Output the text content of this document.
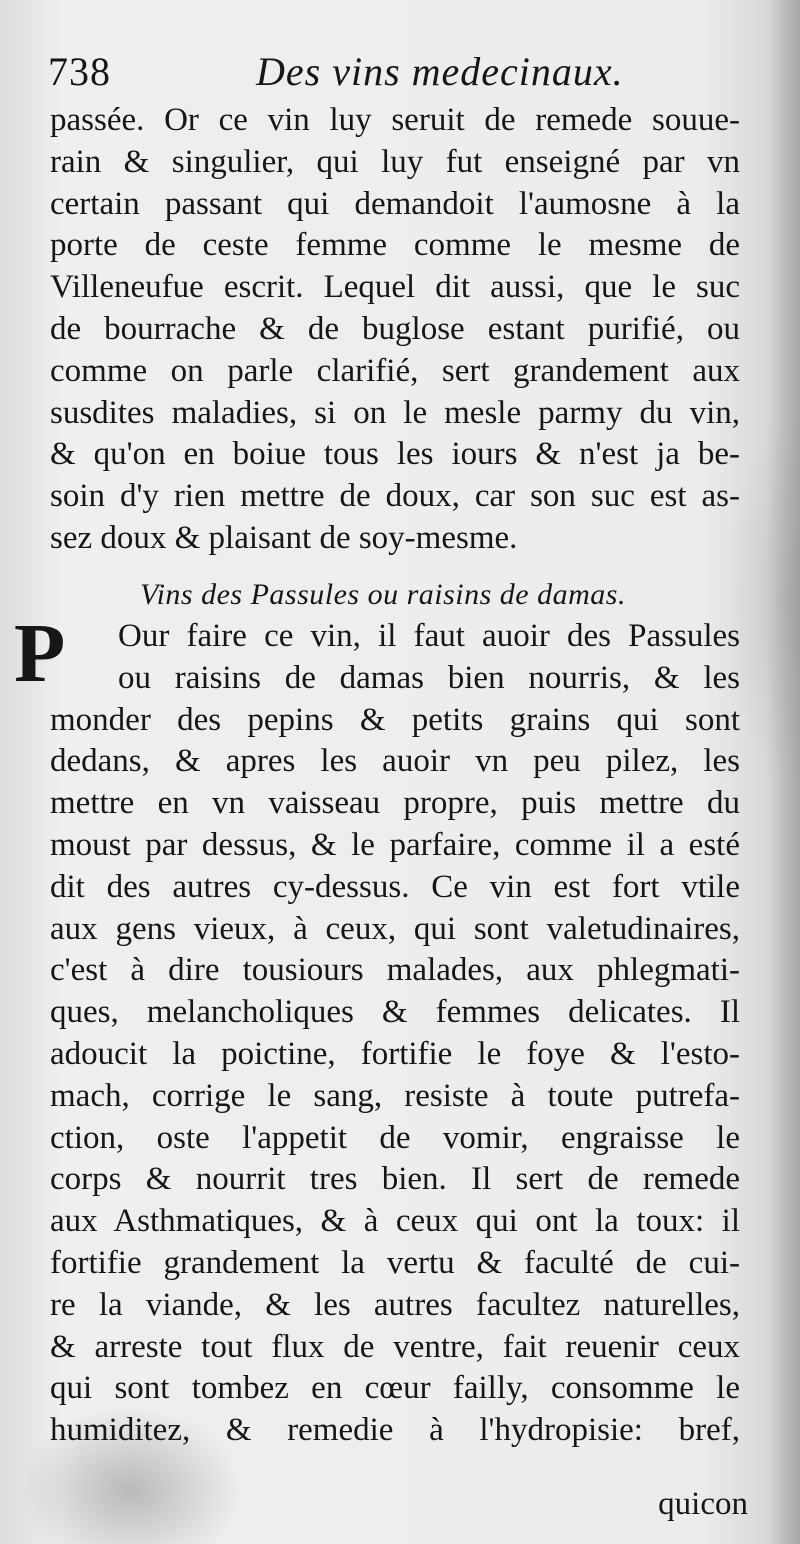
738	Des vins medecinaux.
passée. Or ce vin luy seruit de remede souue-
rain & singulier, qui luy fut enseigné par vn
certain passant qui demandoit l'aumosne à la
porte de ceste femme comme le mesme de
Villeneufue escrit. Lequel dit aussi, que le suc
de bourrache & de buglose estant purifié, ou
comme on parle clarifié, sert grandement aux
susdites maladies, si on le mesle parmy du vin,
& qu'on en boiue tous les iours & n'est ja be-
soin d'y rien mettre de doux, car son suc est as-
sez doux & plaisant de soy-mesme.
Vins des Passules ou raisins de damas.
P	Our faire ce vin, il faut auoir des Passules
ou raisins de damas bien nourris, & les
monder des pepins & petits grains qui sont
dedans, & apres les auoir vn peu pilez, les
mettre en vn vaisseau propre, puis mettre du
moust par dessus, & le parfaire, comme il a esté
dit des autres cy-dessus. Ce vin est fort vtile
aux gens vieux, à ceux, qui sont valetudinaires,
c'est à dire tousiours malades, aux phlegmati-
ques, melancholiques & femmes delicates. Il
adoucit la poictine, fortifie le foye & l'esto-
mach, corrige le sang, resiste à toute putrefa-
ction, oste l'appetit de vomir, engraisse le
corps & nourrit tres bien. Il sert de remede
aux Asthmatiques, & à ceux qui ont la toux: il
fortifie grandement la vertu & faculté de cui-
re la viande, & les autres facultez naturelles,
& arreste tout flux de ventre, fait reuenir ceux
qui sont tombez en cœur failly, consomme le
humiditez, & remedie à l'hydropisie: bref,
quicon
